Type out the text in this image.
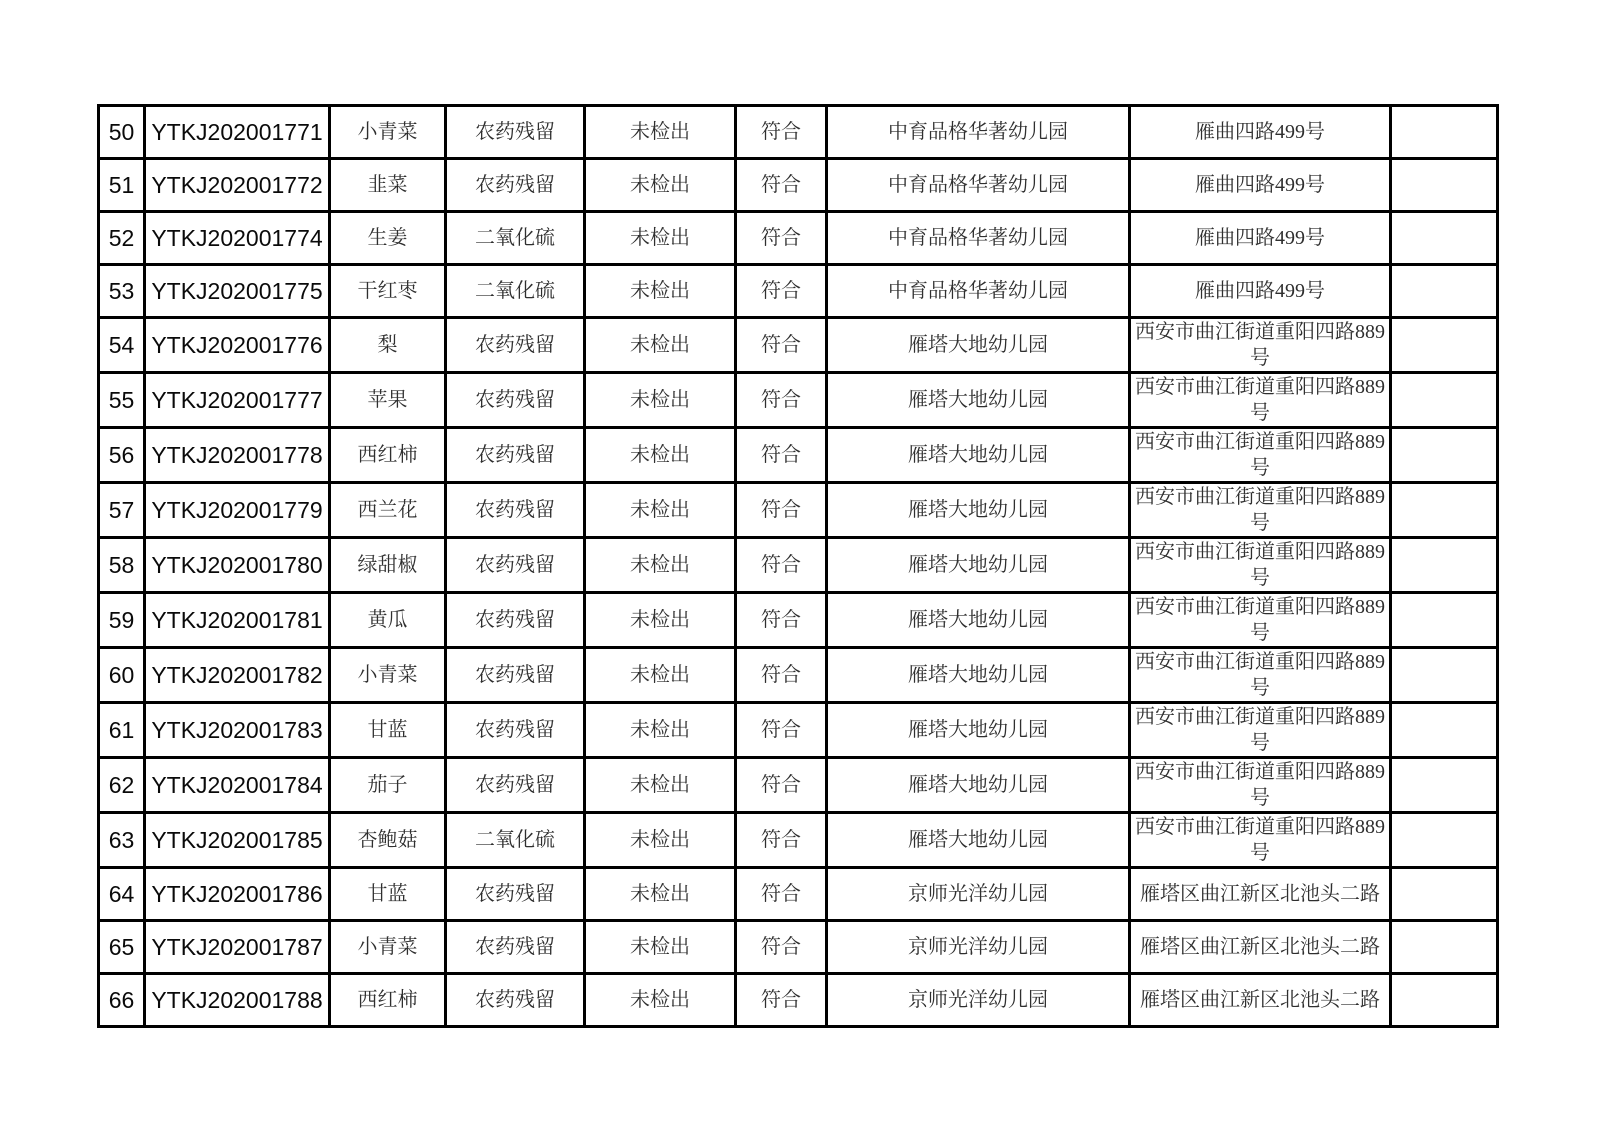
50	YTKJ202001771	小青菜	农药残留	未检出	符合	中育品格华著幼儿园	雁曲四路499号	
51	YTKJ202001772	韭菜	农药残留	未检出	符合	中育品格华著幼儿园	雁曲四路499号	
52	YTKJ202001774	生姜	二氧化硫	未检出	符合	中育品格华著幼儿园	雁曲四路499号	
53	YTKJ202001775	干红枣	二氧化硫	未检出	符合	中育品格华著幼儿园	雁曲四路499号	
54	YTKJ202001776	梨	农药残留	未检出	符合	雁塔大地幼儿园	西安市曲江街道重阳四路889号	
55	YTKJ202001777	苹果	农药残留	未检出	符合	雁塔大地幼儿园	西安市曲江街道重阳四路889号	
56	YTKJ202001778	西红柿	农药残留	未检出	符合	雁塔大地幼儿园	西安市曲江街道重阳四路889号	
57	YTKJ202001779	西兰花	农药残留	未检出	符合	雁塔大地幼儿园	西安市曲江街道重阳四路889号	
58	YTKJ202001780	绿甜椒	农药残留	未检出	符合	雁塔大地幼儿园	西安市曲江街道重阳四路889号	
59	YTKJ202001781	黄瓜	农药残留	未检出	符合	雁塔大地幼儿园	西安市曲江街道重阳四路889号	
60	YTKJ202001782	小青菜	农药残留	未检出	符合	雁塔大地幼儿园	西安市曲江街道重阳四路889号	
61	YTKJ202001783	甘蓝	农药残留	未检出	符合	雁塔大地幼儿园	西安市曲江街道重阳四路889号	
62	YTKJ202001784	茄子	农药残留	未检出	符合	雁塔大地幼儿园	西安市曲江街道重阳四路889号	
63	YTKJ202001785	杏鲍菇	二氧化硫	未检出	符合	雁塔大地幼儿园	西安市曲江街道重阳四路889号	
64	YTKJ202001786	甘蓝	农药残留	未检出	符合	京师光洋幼儿园	雁塔区曲江新区北池头二路	
65	YTKJ202001787	小青菜	农药残留	未检出	符合	京师光洋幼儿园	雁塔区曲江新区北池头二路	
66	YTKJ202001788	西红柿	农药残留	未检出	符合	京师光洋幼儿园	雁塔区曲江新区北池头二路	
